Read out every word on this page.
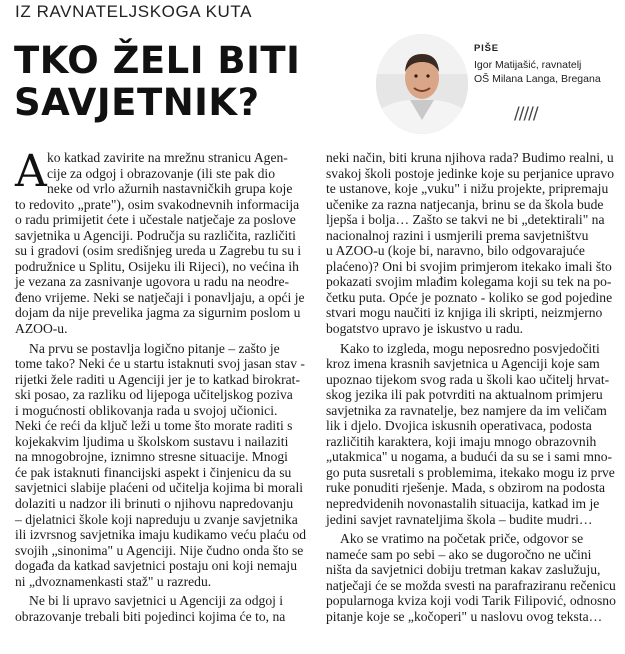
IZ RAVNATELJSKOGA KUTA
TKO ŽELI BITI
SAVJETNIK?
PIŠE
Igor Matijašić, ravnatelj
OŠ Milana Langa, Bregana
/////
A ko katkad zavirite na mrežnu stranicu Agen-
cije za odgoj i obrazovanje (ili ste pak dio
neke od vrlo ažurnih nastavničkih grupa koje
to redovito „prate"), osim svakodnevnih informacija
o radu primijetit ćete i učestale natječaje za poslove
savjetnika u Agenciji. Područja su različita, različiti
su i gradovi (osim središnjeg ureda u Zagrebu tu su i
podružnice u Splitu, Osijeku ili Rijeci), no većina ih
je vezana za zasnivanje ugovora u radu na neodre-
đeno vrijeme. Neki se natječaji i ponavljaju, a opći je
dojam da nije prevelika jagma za sigurnim poslom u
AZOO-u.
Na prvu se postavlja logično pitanje – zašto je
tome tako? Neki će u startu istaknuti svoj jasan stav -
rijetki žele raditi u Agenciji jer je to katkad birokrat-
ski posao, za razliku od lijepoga učiteljskog poziva
i mogućnosti oblikovanja rada u svojoj učionici.
Neki će reći da ključ leži u tome što morate raditi s
kojekakvim ljudima u školskom sustavu i nailaziti
na mnogobrojne, iznimno stresne situacije. Mnogi
će pak istaknuti financijski aspekt i činjenicu da su
savjetnici slabije plaćeni od učitelja kojima bi morali
dolaziti u nadzor ili brinuti o njihovu napredovanju
– djelatnici škole koji napreduju u zvanje savjetnika
ili izvrsnog savjetnika imaju kudikamo veću plaću od
svojih „sinonima" u Agenciji. Nije čudno onda što se
događa da katkad savjetnici postaju oni koji nemaju
ni „dvoznamenkasti staž" u razredu.
Ne bi li upravo savjetnici u Agenciji za odgoj i
obrazovanje trebali biti pojedinci kojima će to, na
neki način, biti kruna njihova rada? Budimo realni, u
svakoj školi postoje jedinke koje su perjanice upravo
te ustanove, koje „vuku" i nižu projekte, pripremaju
učenike za razna natjecanja, brinu se da škola bude
ljepša i bolja… Zašto se takvi ne bi „detektirali" na
nacionalnoj razini i usmjerili prema savjetništvu
u AZOO-u (koje bi, naravno, bilo odgovarajuće
plaćeno)? Oni bi svojim primjerom itekako imali što
pokazati svojim mlađim kolegama koji su tek na po-
četku puta. Opće je poznato - koliko se god pojedine
stvari mogu naučiti iz knjiga ili skripti, neizmjerno
bogatstvo upravo je iskustvo u radu.
Kako to izgleda, mogu neposredno posvjedočiti
kroz imena krasnih savjetnica u Agenciji koje sam
upoznao tijekom svog rada u školi kao učitelj hrvat-
skog jezika ili pak potvrditi na aktualnom primjeru
savjetnika za ravnatelje, bez namjere da im veličam
lik i djelo. Dvojica iskusnih operativaca, podosta
različitih karaktera, koji imaju mnogo obrazovnih
„utakmica" u nogama, a budući da su se i sami mno-
go puta susretali s problemima, itekako mogu iz prve
ruke ponuditi rješenje. Mada, s obzirom na podosta
nepredvidenih novonastalih situacija, katkad im je
jedini savjet ravnateljima škola – budite mudri…
Ako se vratimo na početak priče, odgovor se
nameće sam po sebi – ako se dugoročno ne učini
ništa da savjetnici dobiju tretman kakav zaslužuju,
natječaji će se možda svesti na parafraziranu rečenicu
popularnoga kviza koji vodi Tarik Filipović, odnosno
pitanje koje se „kočoperi" u naslovu ovog teksta…
